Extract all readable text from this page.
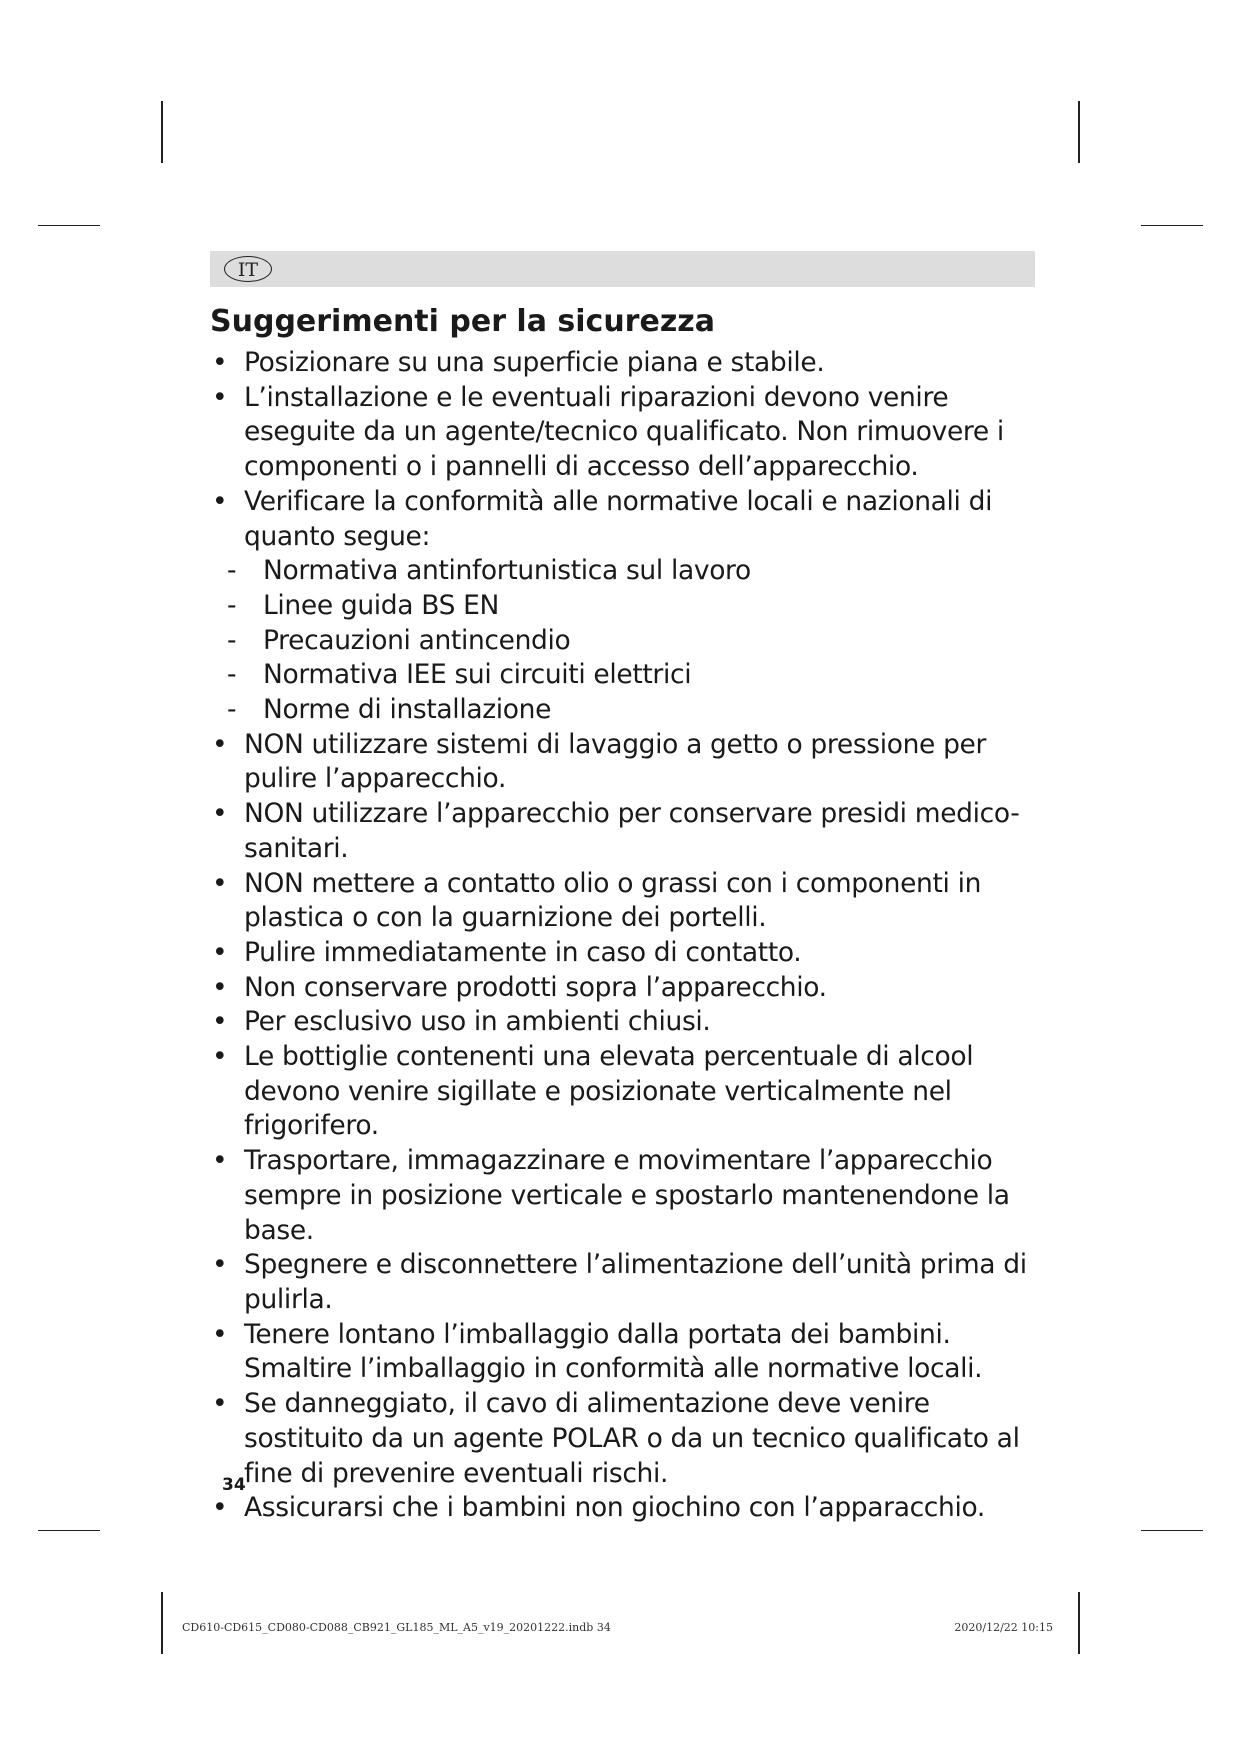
IT
Suggerimenti per la sicurezza
• Posizionare su una superficie piana e stabile.
• L’installazione e le eventuali riparazioni devono venire eseguite da un agente/tecnico qualificato. Non rimuovere i componenti o i pannelli di accesso dell’apparecchio.
• Verificare la conformità alle normative locali e nazionali di quanto segue:
- Normativa antinfortunistica sul lavoro
- Linee guida BS EN
- Precauzioni antincendio
- Normativa IEE sui circuiti elettrici
- Norme di installazione
• NON utilizzare sistemi di lavaggio a getto o pressione per pulire l’apparecchio.
• NON utilizzare l’apparecchio per conservare presidi medico-sanitari.
• NON mettere a contatto olio o grassi con i componenti in plastica o con la guarnizione dei portelli.
• Pulire immediatamente in caso di contatto.
• Non conservare prodotti sopra l’apparecchio.
• Per esclusivo uso in ambienti chiusi.
• Le bottiglie contenenti una elevata percentuale di alcool devono venire sigillate e posizionate verticalmente nel frigorifero.
• Trasportare, immagazzinare e movimentare l’apparecchio sempre in posizione verticale e spostarlo mantenendone la base.
• Spegnere e disconnettere l’alimentazione dell’unità prima di pulirla.
• Tenere lontano l’imballaggio dalla portata dei bambini. Smaltire l’imballaggio in conformità alle normative locali.
• Se danneggiato, il cavo di alimentazione deve venire sostituito da un agente POLAR o da un tecnico qualificato al fine di prevenire eventuali rischi.
• Assicurarsi che i bambini non giochino con l’apparacchio.
34
CD610-CD615_CD080-CD088_CB921_GL185_ML_A5_v19_20201222.indb 34	2020/12/22 10:15
